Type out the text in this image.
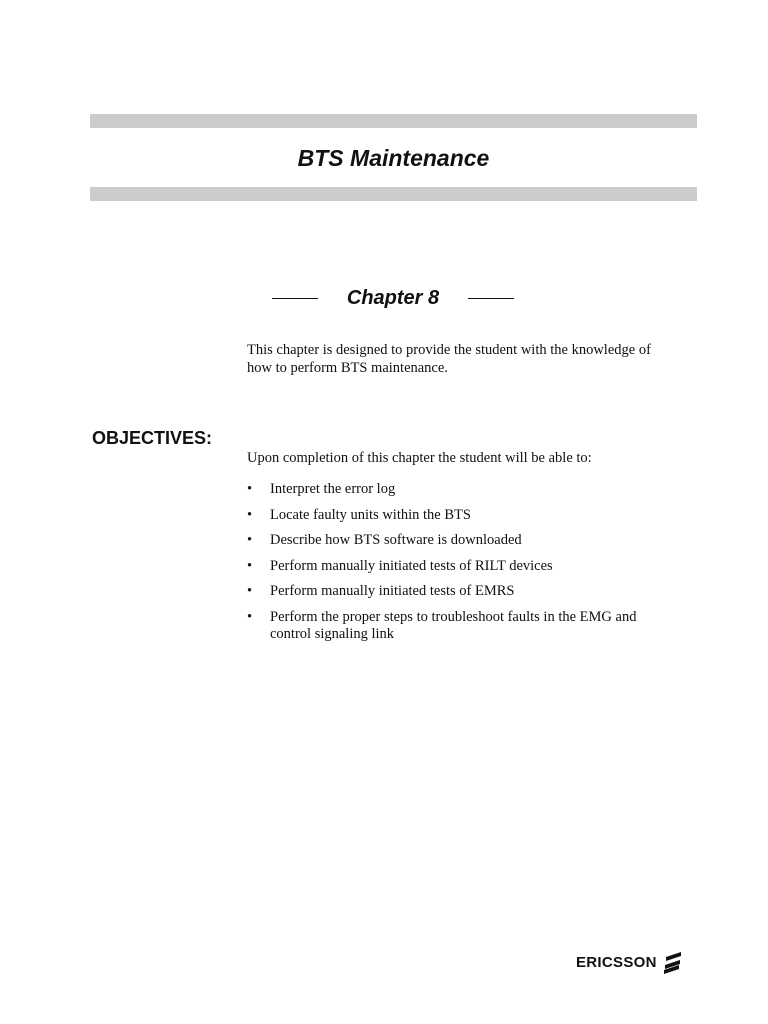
BTS Maintenance
Chapter 8

This chapter is designed to provide the student with the knowledge of how to perform BTS maintenance.

OBJECTIVES:

Upon completion of this chapter the student will be able to:

• Interpret the error log
• Locate faulty units within the BTS
• Describe how BTS software is downloaded
• Perform manually initiated tests of RILT devices
• Perform manually initiated tests of EMRS
• Perform the proper steps to troubleshoot faults in the EMG and control signaling link
ERICSSON
